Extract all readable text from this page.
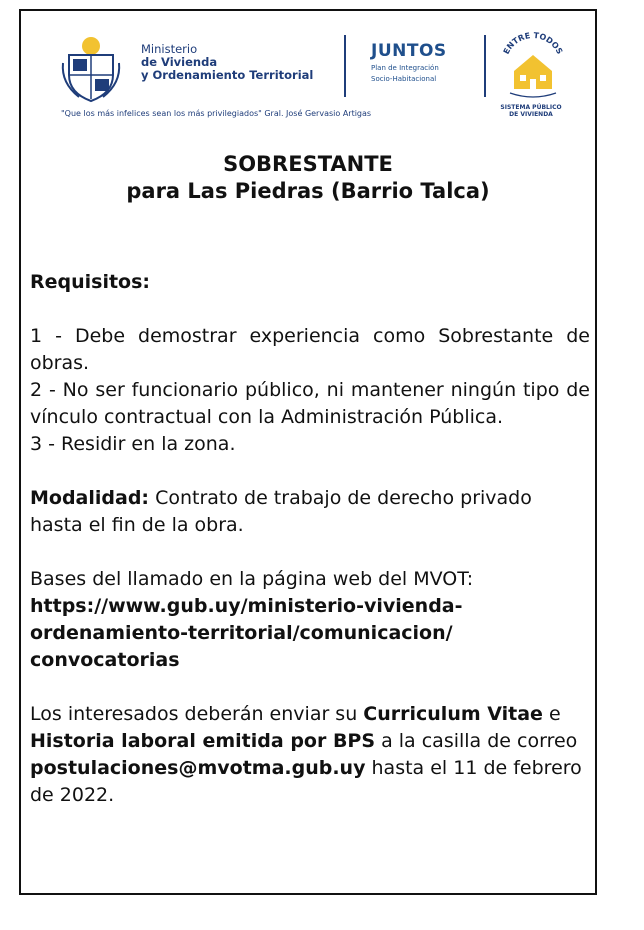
Ministerio
de Vivienda
y Ordenamiento Territorial
JUNTOS
Plan de Integración
Socio-Habitacional
ENTRE TODOS
SISTEMA PÚBLICO
DE VIVIENDA
"Que los más infelices sean los más privilegiados" Gral. José Gervasio Artigas
SOBRESTANTE
para Las Piedras (Barrio Talca)

Requisitos:

1 - Debe demostrar experiencia como Sobrestante de obras.

2 - No ser funcionario público, ni mantener ningún tipo de vínculo contractual con la Administración Pública.

3 - Residir en la zona.

Modalidad: Contrato de trabajo de derecho privado hasta el fin de la obra.

Bases del llamado en la página web del MVOT:

https://www.gub.uy/ministerio-vivienda-

ordenamiento-territorial/comunicacion/

convocatorias

Los interesados deberán enviar su Curriculum Vitae e Historia laboral emitida por BPS a la casilla de correo postulaciones@mvotma.gub.uy hasta el 11 de febrero de 2022.
